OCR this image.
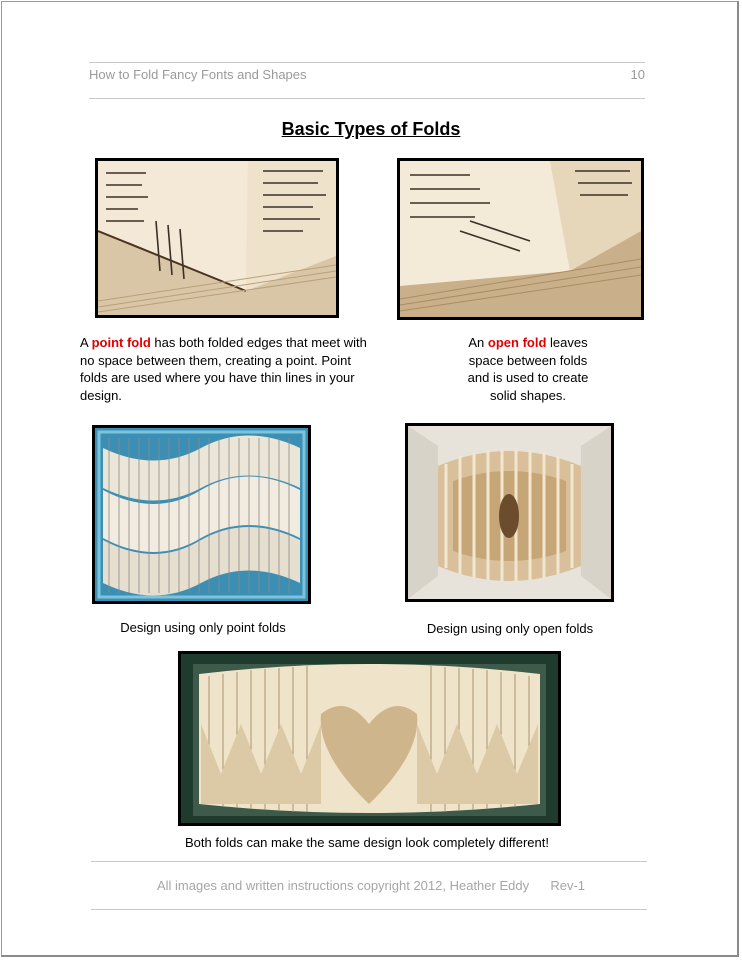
How to Fold Fancy Fonts and Shapes	10
Basic Types of Folds
A point fold has both folded edges that meet with no space between them, creating a point. Point folds are used where you have thin lines in your design.
An open fold leaves space between folds and is used to create solid shapes.
Design using only point folds	Design using only open folds
Both folds can make the same design look completely different!
All images and written instructions copyright 2012, Heather Eddy Rev-1
